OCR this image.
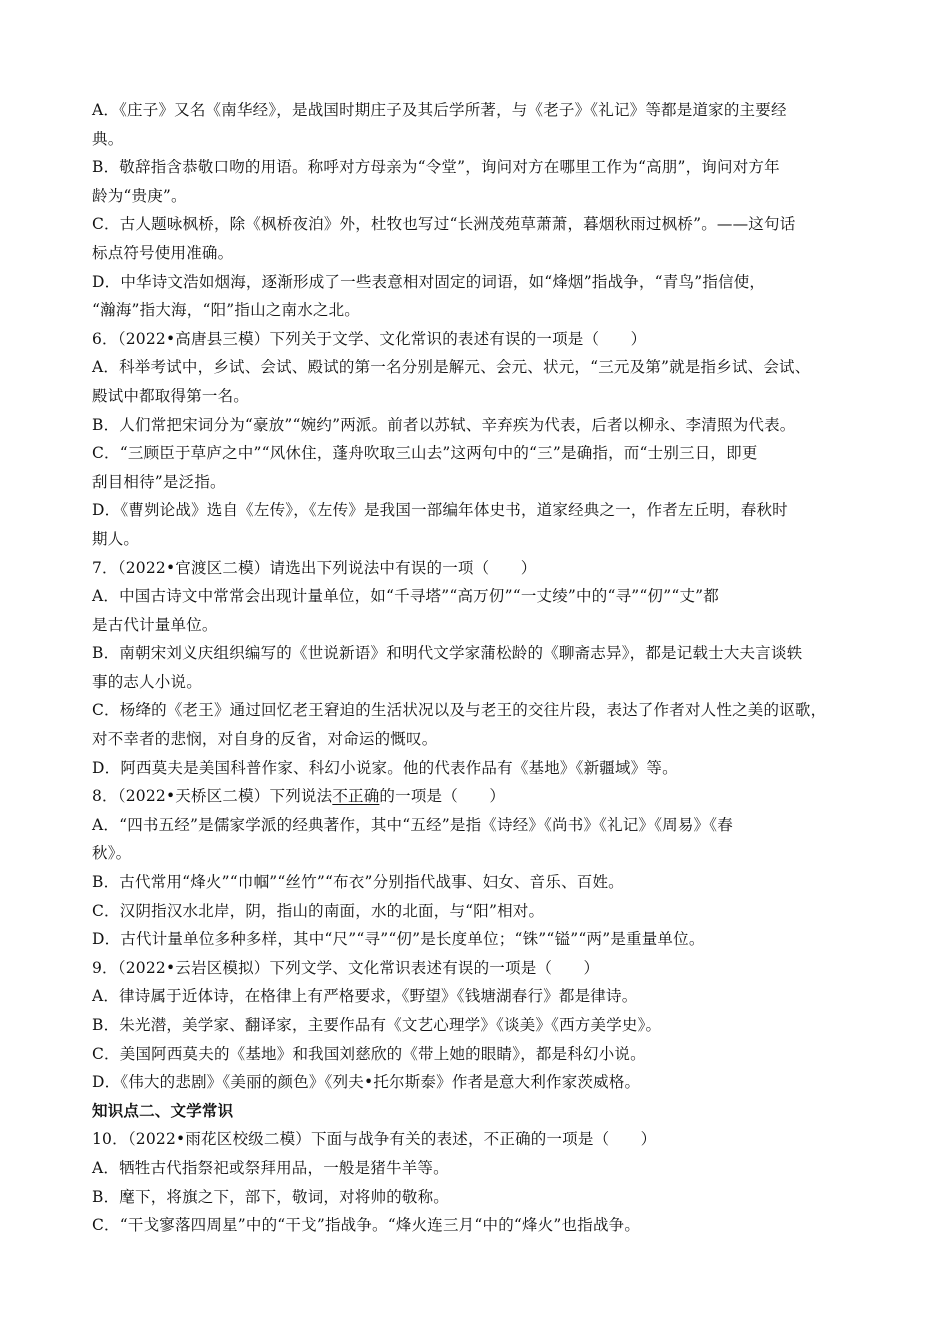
A．《庄子》又名《南华经》，是战国时期庄子及其后学所著，与《老子》《礼记》等都是道家的主要经
典。
B．敬辞指含恭敬口吻的用语。称呼对方母亲为“令堂”，询问对方在哪里工作为“高朋”，询问对方年
龄为“贵庚”。
C．古人题咏枫桥，除《枫桥夜泊》外，杜牧也写过“长洲茂苑草萧萧，暮烟秋雨过枫桥”。——这句话
标点符号使用准确。
D．中华诗文浩如烟海，逐渐形成了一些表意相对固定的词语，如“烽烟”指战争，“青鸟”指信使，
“瀚海”指大海，“阳”指山之南水之北。
6．（2022•高唐县三模）下列关于文学、文化常识的表述有误的一项是（　　）
A．科举考试中，乡试、会试、殿试的第一名分别是解元、会元、状元，“三元及第”就是指乡试、会试、
殿试中都取得第一名。
B．人们常把宋词分为“豪放”“婉约”两派。前者以苏轼、辛弃疾为代表，后者以柳永、李清照为代表。
C．“三顾臣于草庐之中”“风休住，蓬舟吹取三山去”这两句中的“三”是确指，而“士别三日，即更
刮目相待”是泛指。
D．《曹刿论战》选自《左传》，《左传》是我国一部编年体史书，道家经典之一，作者左丘明，春秋时
期人。
7．（2022•官渡区二模）请选出下列说法中有误的一项（　　）
A．中国古诗文中常常会出现计量单位，如“千寻塔”“高万仞”“一丈绫”中的“寻”“仞”“丈”都
是古代计量单位。
B．南朝宋刘义庆组织编写的《世说新语》和明代文学家蒲松龄的《聊斋志异》，都是记载士大夫言谈轶
事的志人小说。
C．杨绛的《老王》通过回忆老王窘迫的生活状况以及与老王的交往片段，表达了作者对人性之美的讴歌，
对不幸者的悲悯，对自身的反省，对命运的慨叹。
D．阿西莫夫是美国科普作家、科幻小说家。他的代表作品有《基地》《新疆域》等。
8．（2022•天桥区二模）下列说法不正确的一项是（　　）
A．“四书五经”是儒家学派的经典著作，其中“五经”是指《诗经》《尚书》《礼记》《周易》《春
秋》。
B．古代常用“烽火”“巾帼”“丝竹”“布衣”分别指代战事、妇女、音乐、百姓。
C．汉阴指汉水北岸，阴，指山的南面，水的北面，与“阳”相对。
D．古代计量单位多种多样，其中“尺”“寻”“仞”是长度单位；“铢”“镒”“两”是重量单位。
9．（2022•云岩区模拟）下列文学、文化常识表述有误的一项是（　　）
A．律诗属于近体诗，在格律上有严格要求，《野望》《钱塘湖春行》都是律诗。
B．朱光潜，美学家、翻译家，主要作品有《文艺心理学》《谈美》《西方美学史》。
C．美国阿西莫夫的《基地》和我国刘慈欣的《带上她的眼睛》，都是科幻小说。
D．《伟大的悲剧》《美丽的颜色》《列夫•托尔斯泰》作者是意大利作家茨威格。
知识点二、文学常识
10．（2022•雨花区校级二模）下面与战争有关的表述，不正确的一项是（　　）
A．牺牲古代指祭祀或祭拜用品，一般是猪牛羊等。
B．麾下，将旗之下，部下，敬词，对将帅的敬称。
C．“干戈寥落四周星”中的“干戈”指战争。“烽火连三月“中的“烽火”也指战争。
